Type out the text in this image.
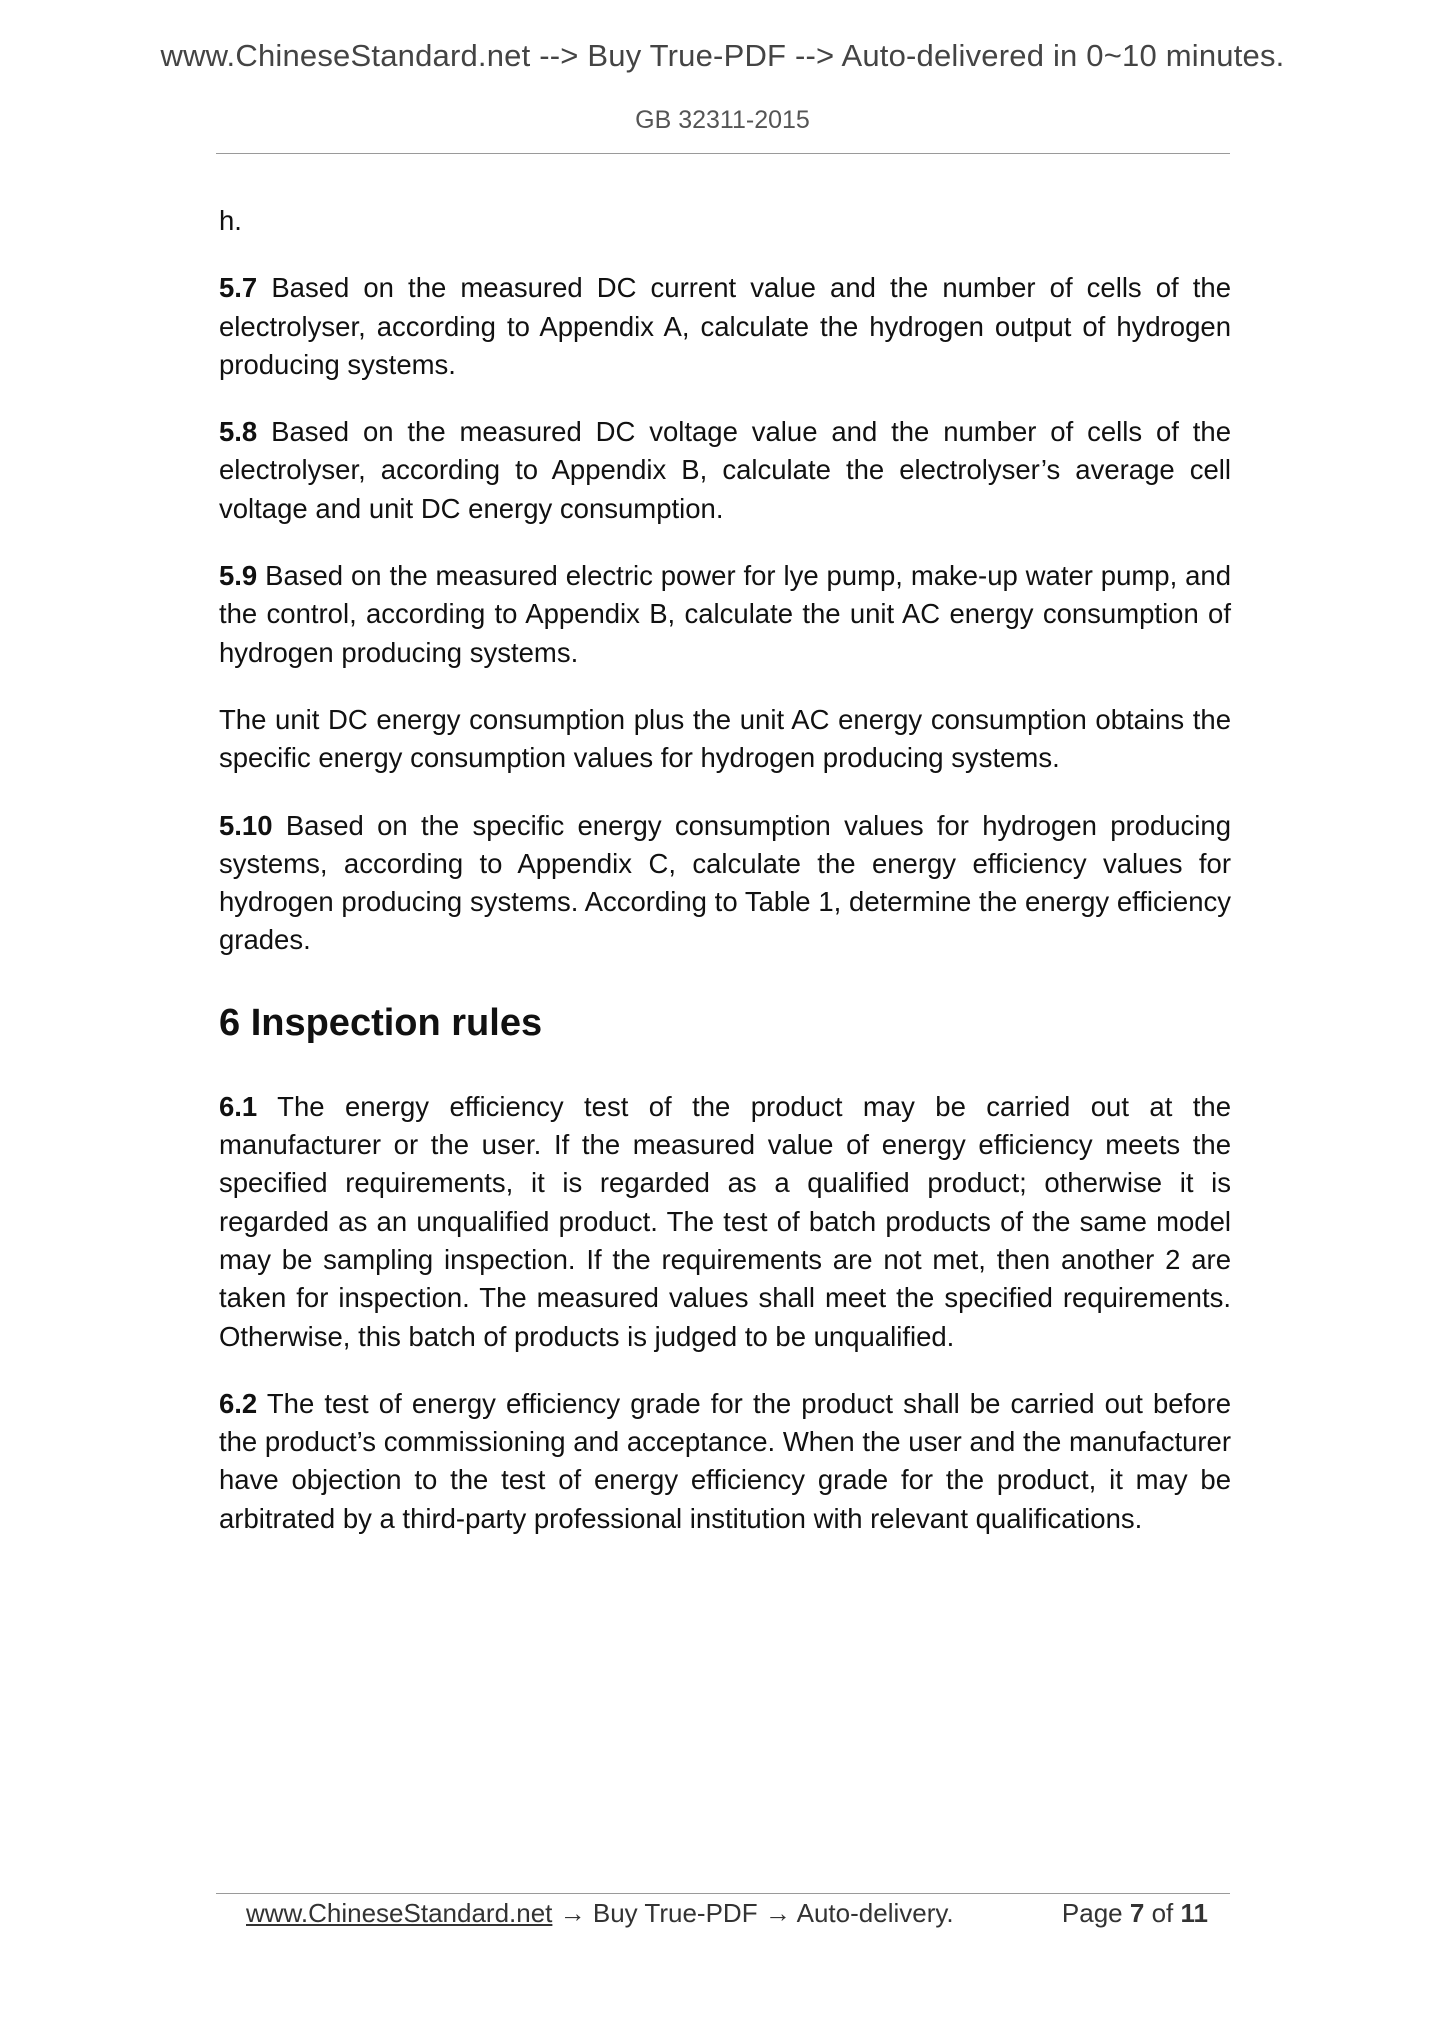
www.ChineseStandard.net --> Buy True-PDF --> Auto-delivered in 0~10 minutes.
GB 32311-2015

h.

5.7 Based on the measured DC current value and the number of cells of the electrolyser, according to Appendix A, calculate the hydrogen output of hydrogen producing systems.

5.8 Based on the measured DC voltage value and the number of cells of the electrolyser, according to Appendix B, calculate the electrolyser’s average cell voltage and unit DC energy consumption.

5.9 Based on the measured electric power for lye pump, make-up water pump, and the control, according to Appendix B, calculate the unit AC energy consumption of hydrogen producing systems.

The unit DC energy consumption plus the unit AC energy consumption obtains the specific energy consumption values for hydrogen producing systems.

5.10 Based on the specific energy consumption values for hydrogen producing systems, according to Appendix C, calculate the energy efficiency values for hydrogen producing systems. According to Table 1, determine the energy efficiency grades.

6 Inspection rules

6.1 The energy efficiency test of the product may be carried out at the manufacturer or the user. If the measured value of energy efficiency meets the specified requirements, it is regarded as a qualified product; otherwise it is regarded as an unqualified product. The test of batch products of the same model may be sampling inspection. If the requirements are not met, then another 2 are taken for inspection. The measured values shall meet the specified requirements. Otherwise, this batch of products is judged to be unqualified.

6.2 The test of energy efficiency grade for the product shall be carried out before the product’s commissioning and acceptance. When the user and the manufacturer have objection to the test of energy efficiency grade for the product, it may be arbitrated by a third-party professional institution with relevant qualifications.

www.ChineseStandard.net → Buy True-PDF → Auto-delivery.	Page 7 of 11
